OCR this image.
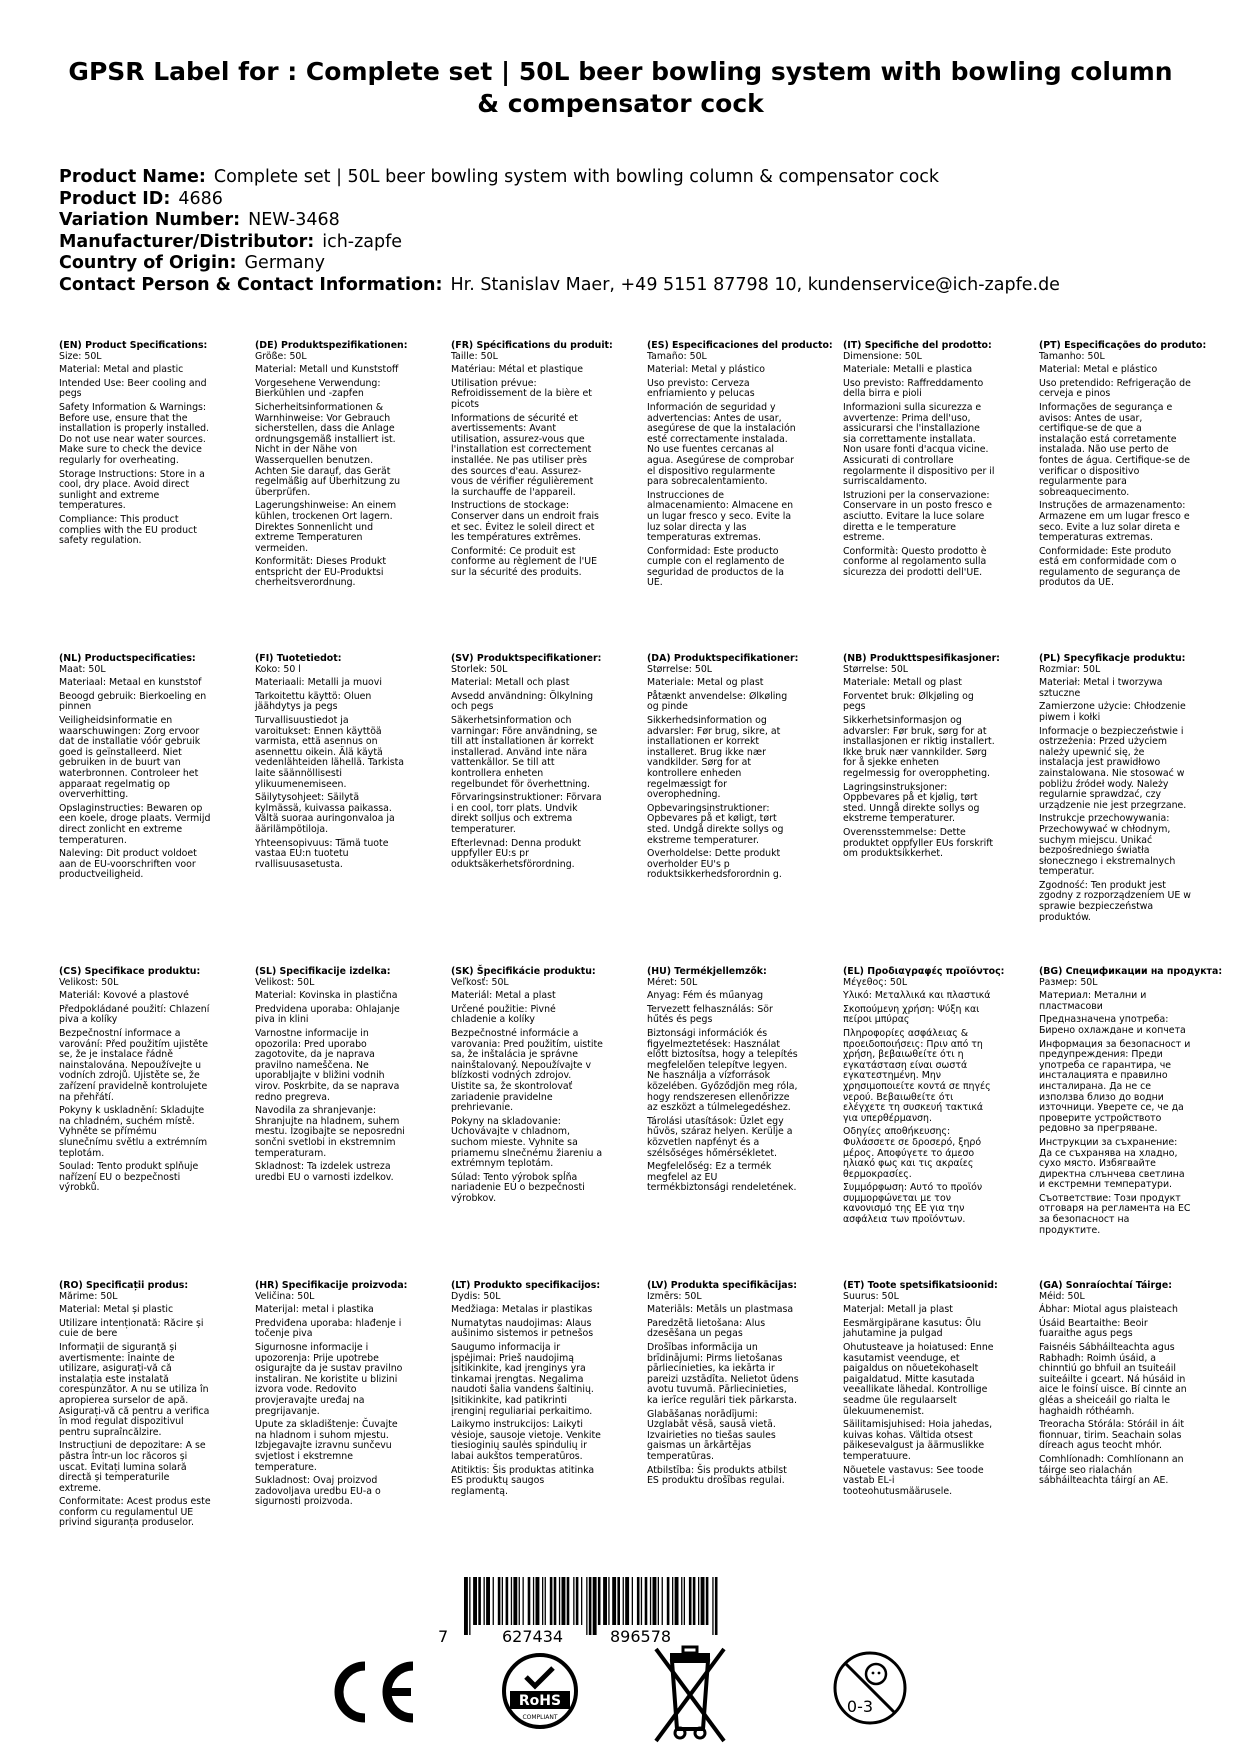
GPSR Label for : Complete set | 50L beer bowling system with bowling column & compensator cock
Product Name: Complete set | 50L beer bowling system with bowling column & compensator cock
Product ID: 4686
Variation Number: NEW-3468
Manufacturer/Distributor: ich-zapfe
Country of Origin: Germany
Contact Person & Contact Information: Hr. Stanislav Maer, +49 5151 87798 10, kundenservice@ich-zapfe.de
(EN) Product Specifications:
Size: 50L
Material: Metal and plastic
Intended Use: Beer cooling and pegs
Safety Information & Warnings: Before use, ensure that the installation is properly installed. Do not use near water sources. Make sure to check the device regularly for overheating.
Storage Instructions: Store in a cool, dry place. Avoid direct sunlight and extreme temperatures.
Compliance: This product complies with the EU product safety regulation.
(DE) Produktspezifikationen:
Größe: 50L
Material: Metall und Kunststoff
Vorgesehene Verwendung: Bierkühlen und -zapfen
Sicherheitsinformationen & Warnhinweise: Vor Gebrauch sicherstellen, dass die Anlage ordnungsgemäß installiert ist. Nicht in der Nähe von Wasserquellen benutzen. Achten Sie darauf, das Gerät regelmäßig auf Überhitzung zu überprüfen.
Lagerungshinweise: An einem kühlen, trockenen Ort lagern. Direktes Sonnenlicht und extreme Temperaturen vermeiden.
Konformität: Dieses Produkt entspricht der EU-Produktsi cherheitsverordnung.
(FR) Spécifications du produit:
Taille: 50L
Matériau: Métal et plastique
Utilisation prévue: Refroidissement de la bière et picots
Informations de sécurité et avertissements: Avant utilisation, assurez-vous que l'installation est correctement installée. Ne pas utiliser près des sources d'eau. Assurez-vous de vérifier régulièrement la surchauffe de l'appareil.
Instructions de stockage: Conserver dans un endroit frais et sec. Évitez le soleil direct et les températures extrêmes.
Conformité: Ce produit est conforme au règlement de l'UE sur la sécurité des produits.
(ES) Especificaciones del producto:
Tamaño: 50L
Material: Metal y plástico
Uso previsto: Cerveza enfriamiento y pelucas
Información de seguridad y advertencias: Antes de usar, asegúrese de que la instalación esté correctamente instalada. No use fuentes cercanas al agua. Asegúrese de comprobar el dispositivo regularmente para sobrecalentamiento.
Instrucciones de almacenamiento: Almacene en un lugar fresco y seco. Evite la luz solar directa y las temperaturas extremas.
Conformidad: Este producto cumple con el reglamento de seguridad de productos de la UE.
(IT) Specifiche del prodotto:
Dimensione: 50L
Materiale: Metalli e plastica
Uso previsto: Raffreddamento della birra e pioli
Informazioni sulla sicurezza e avvertenze: Prima dell'uso, assicurarsi che l'installazione sia correttamente installata. Non usare fonti d'acqua vicine. Assicurati di controllare regolarmente il dispositivo per il surriscaldamento.
Istruzioni per la conservazione: Conservare in un posto fresco e asciutto. Evitare la luce solare diretta e le temperature estreme.
Conformità: Questo prodotto è conforme al regolamento sulla sicurezza dei prodotti dell'UE.
(PT) Especificações do produto:
Tamanho: 50L
Material: Metal e plástico
Uso pretendido: Refrigeração de cerveja e pinos
Informações de segurança e avisos: Antes de usar, certifique-se de que a instalação está corretamente instalada. Não use perto de fontes de água. Certifique-se de verificar o dispositivo regularmente para sobreaquecimento.
Instruções de armazenamento: Armazene em um lugar fresco e seco. Evite a luz solar direta e temperaturas extremas.
Conformidade: Este produto está em conformidade com o regulamento de segurança de produtos da UE.
(NL) Productspecificaties:
Maat: 50L
Materiaal: Metaal en kunststof
Beoogd gebruik: Bierkoeling en pinnen
Veiligheidsinformatie en waarschuwingen: Zorg ervoor dat de installatie vóór gebruik goed is geïnstalleerd. Niet gebruiken in de buurt van waterbronnen. Controleer het apparaat regelmatig op oververhitting.
Opslaginstructies: Bewaren op een koele, droge plaats. Vermijd direct zonlicht en extreme temperaturen.
Naleving: Dit product voldoet aan de EU-voorschriften voor productveiligheid.
(FI) Tuotetiedot:
Koko: 50 l
Materiaali: Metalli ja muovi
Tarkoitettu käyttö: Oluen jäähdytys ja pegs
Turvallisuustiedot ja varoitukset: Ennen käyttöä varmista, että asennus on asennettu oikein. Älä käytä vedenlähteiden lähellä. Tarkista laite säännöllisesti ylikuumenemiseen.
Säilytysohjeet: Säilytä kylmässä, kuivassa paikassa. Vältä suoraa auringonvaloa ja äärilämpötiloja.
Yhteensopivuus: Tämä tuote vastaa EU:n tuotetu rvallisuusasetusta.
(SV) Produktspecifikationer:
Storlek: 50L
Material: Metall och plast
Avsedd användning: Ölkylning och pegs
Säkerhetsinformation och varningar: Före användning, se till att installationen är korrekt installerad. Använd inte nära vattenkällor. Se till att kontrollera enheten regelbundet för överhettning.
Förvaringsinstruktioner: Förvara i en cool, torr plats. Undvik direkt solljus och extrema temperaturer.
Efterlevnad: Denna produkt uppfyller EU:s pr oduktsäkerhetsförordning.
(DA) Produktspecifikationer:
Størrelse: 50L
Materiale: Metal og plast
Påtænkt anvendelse: Ølkøling og pinde
Sikkerhedsinformation og advarsler: Før brug, sikre, at installationen er korrekt installeret. Brug ikke nær vandkilder. Sørg for at kontrollere enheden regelmæssigt for overophedning.
Opbevaringsinstruktioner: Opbevares på et køligt, tørt sted. Undgå direkte sollys og ekstreme temperaturer.
Overholdelse: Dette produkt overholder EU's p roduktsikkerhedsforordnin g.
(NB) Produkttspesifikasjoner:
Størrelse: 50L
Materiale: Metall og plast
Forventet bruk: Ølkjøling og pegs
Sikkerhetsinformasjon og advarsler: Før bruk, sørg for at installasjonen er riktig installert. Ikke bruk nær vannkilder. Sørg for å sjekke enheten regelmessig for overoppheting.
Lagringsinstruksjoner: Oppbevares på et kjølig, tørt sted. Unngå direkte sollys og ekstreme temperaturer.
Overensstemmelse: Dette produktet oppfyller EUs forskrift om produktsikkerhet.
(PL) Specyfikacje produktu:
Rozmiar: 50L
Materiał: Metal i tworzywa sztuczne
Zamierzone użycie: Chłodzenie piwem i kołki
Informacje o bezpieczeństwie i ostrzeżenia: Przed użyciem należy upewnić się, że instalacja jest prawidłowo zainstalowana. Nie stosować w pobliżu źródeł wody. Należy regularnie sprawdzać, czy urządzenie nie jest przegrzane.
Instrukcje przechowywania: Przechowywać w chłodnym, suchym miejscu. Unikać bezpośredniego światła słonecznego i ekstremalnych temperatur.
Zgodność: Ten produkt jest zgodny z rozporządzeniem UE w sprawie bezpieczeństwa produktów.
(CS) Specifikace produktu:
Velikost: 50L
Materiál: Kovové a plastové
Předpokládané použití: Chlazení piva a kolíky
Bezpečnostní informace a varování: Před použitím ujistěte se, že je instalace řádně nainstalována. Nepoužívejte u vodních zdrojů. Ujistěte se, že zařízení pravidelně kontrolujete na přehřátí.
Pokyny k uskladnění: Skladujte na chladném, suchém místě. Vyhněte se přímému slunečnímu světlu a extrémním teplotám.
Soulad: Tento produkt splňuje nařízení EU o bezpečnosti výrobků.
(SL) Specifikacije izdelka:
Velikost: 50L
Material: Kovinska in plastična
Predvidena uporaba: Ohlajanje piva in klini
Varnostne informacije in opozorila: Pred uporabo zagotovite, da je naprava pravilno nameščena. Ne uporabljajte v bližini vodnih virov. Poskrbite, da se naprava redno pregreva.
Navodila za shranjevanje: Shranjujte na hladnem, suhem mestu. Izogibajte se neposredni sončni svetlobi in ekstremnim temperaturam.
Skladnost: Ta izdelek ustreza uredbi EU o varnosti izdelkov.
(SK) Špecifikácie produktu:
Veľkosť: 50L
Materiál: Metal a plast
Určené použitie: Pivné chladenie a kolíky
Bezpečnostné informácie a varovania: Pred použitím, uistite sa, že inštalácia je správne nainštalovaný. Nepoužívajte v blízkosti vodných zdrojov. Uistite sa, že skontrolovať zariadenie pravidelne prehrievanie.
Pokyny na skladovanie: Uchovávajte v chladnom, suchom mieste. Vyhnite sa priamemu slnečnému žiareniu a extrémnym teplotám.
Súlad: Tento výrobok spĺňa nariadenie EÚ o bezpečnosti výrobkov.
(HU) Termékjellemzők:
Méret: 50L
Anyag: Fém és műanyag
Tervezett felhasználás: Sör hűtés és pegs
Biztonsági információk és figyelmeztetések: Használat előtt biztosítsa, hogy a telepítés megfelelően telepítve legyen. Ne használja a vízforrások közelében. Győződjön meg róla, hogy rendszeresen ellenőrizze az eszközt a túlmelegedéshez.
Tárolási utasítások: Üzlet egy hűvös, száraz helyen. Kerülje a közvetlen napfényt és a szélsőséges hőmérsékletet.
Megfelelőség: Ez a termék megfelel az EU termékbiztonsági rendeletének.
(EL) Προδιαγραφές προϊόντος:
Μέγεθος: 50L
Υλικό: Μεταλλικά και πλαστικά
Σκοπούμενη χρήση: Ψύξη και πείροι μπύρας
Πληροφορίες ασφάλειας & προειδοποιήσεις: Πριν από τη χρήση, βεβαιωθείτε ότι η εγκατάσταση είναι σωστά εγκατεστημένη. Μην χρησιμοποιείτε κοντά σε πηγές νερού. Βεβαιωθείτε ότι ελέγχετε τη συσκευή τακτικά για υπερθέρμανση.
Οδηγίες αποθήκευσης: Φυλάσσετε σε δροσερό, ξηρό μέρος. Αποφύγετε το άμεσο ηλιακό φως και τις ακραίες θερμοκρασίες.
Συμμόρφωση: Αυτό το προϊόν συμμορφώνεται με τον κανονισμό της ΕΕ για την ασφάλεια των προϊόντων.
(BG) Спецификации на продукта:
Размер: 50L
Материал: Метални и пластмасови
Предназначена употреба: Бирено охлаждане и копчета
Информация за безопасност и предупреждения: Преди употреба се гарантира, че инсталацията е правилно инсталирана. Да не се използва близо до водни източници. Уверете се, че да проверите устройството редовно за прегряване.
Инструкции за съхранение: Да се съхранява на хладно, сухо място. Избягвайте директна слънчева светлина и екстремни температури.
Съответствие: Този продукт отговаря на регламента на ЕС за безопасност на продуктите.
(RO) Specificații produs:
Mărime: 50L
Material: Metal și plastic
Utilizare intenționată: Răcire și cuie de bere
Informații de siguranță și avertismente: Înainte de utilizare, asigurați-vă că instalația este instalată corespunzător. A nu se utiliza în apropierea surselor de apă. Asigurați-vă că pentru a verifica în mod regulat dispozitivul pentru supraîncălzire.
Instrucțiuni de depozitare: A se păstra într-un loc răcoros și uscat. Evitați lumina solară directă și temperaturile extreme.
Conformitate: Acest produs este conform cu regulamentul UE privind siguranța produselor.
(HR) Specifikacije proizvoda:
Veličina: 50L
Materijal: metal i plastika
Predviđena uporaba: hlađenje i točenje piva
Sigurnosne informacije i upozorenja: Prije upotrebe osigurajte da je sustav pravilno instaliran. Ne koristite u blizini izvora vode. Redovito provjeravajte uređaj na pregrijavanje.
Upute za skladištenje: Čuvajte na hladnom i suhom mjestu. Izbjegavajte izravnu sunčevu svjetlost i ekstremne temperature.
Sukladnost: Ovaj proizvod zadovoljava uredbu EU-a o sigurnosti proizvoda.
(LT) Produkto specifikacijos:
Dydis: 50L
Medžiaga: Metalas ir plastikas
Numatytas naudojimas: Alaus aušinimo sistemos ir petnešos
Saugumo informacija ir įspėjimai: Prieš naudojimą įsitikinkite, kad įrenginys yra tinkamai įrengtas. Negalima naudoti šalia vandens šaltinių. Įsitikinkite, kad patikrinti įrenginį reguliariai perkaitimo.
Laikymo instrukcijos: Laikyti vėsioje, sausoje vietoje. Venkite tiesioginių saulės spindulių ir labai aukštos temperatūros.
Atitiktis: Šis produktas atitinka ES produktų saugos reglamentą.
(LV) Produkta specifikācijas:
Izmērs: 50L
Materiāls: Metāls un plastmasa
Paredzētā lietošana: Alus dzesēšana un pegas
Drošības informācija un brīdinājumi: Pirms lietošanas pārliecinieties, ka iekārta ir pareizi uzstādīta. Nelietot ūdens avotu tuvumā. Pārliecinieties, ka ierīce regulāri tiek pārkarsta.
Glabāšanas norādījumi: Uzglabāt vēsā, sausā vietā. Izvairieties no tiešas saules gaismas un ārkārtējas temperatūras.
Atbilstība: Šis produkts atbilst ES produktu drošības regulai.
(ET) Toote spetsifikatsioonid:
Suurus: 50L
Materjal: Metall ja plast
Eesmärgipärane kasutus: Õlu jahutamine ja pulgad
Ohutusteave ja hoiatused: Enne kasutamist veenduge, et paigaldus on nõuetekohaselt paigaldatud. Mitte kasutada veeallikate lähedal. Kontrollige seadme üle regulaarselt ülekuumenemist.
Säilitamisjuhised: Hoia jahedas, kuivas kohas. Vältida otsest päikesevalgust ja äärmuslikke temperatuure.
Nõuetele vastavus: See toode vastab EL-i tooteohutusmäärusele.
(GA) Sonraíochtaí Táirge:
Méid: 50L
Ábhar: Miotal agus plaisteach
Úsáid Beartaithe: Beoir fuaraithe agus pegs
Faisnéis Sábháilteachta agus Rabhadh: Roimh úsáid, a chinntiú go bhfuil an tsuiteáil suiteáilte i gceart. Ná húsáid in aice le foinsí uisce. Bí cinnte an gléas a sheiceáil go rialta le haghaidh róthéamh.
Treoracha Stórála: Stóráil in áit fionnuar, tirim. Seachain solas díreach agus teocht mhór.
Comhlíonadh: Comhlíonann an táirge seo rialachán sábháilteachta táirgí an AE.
7	627434	896578
RoHS
COMPLIANT
0-3
